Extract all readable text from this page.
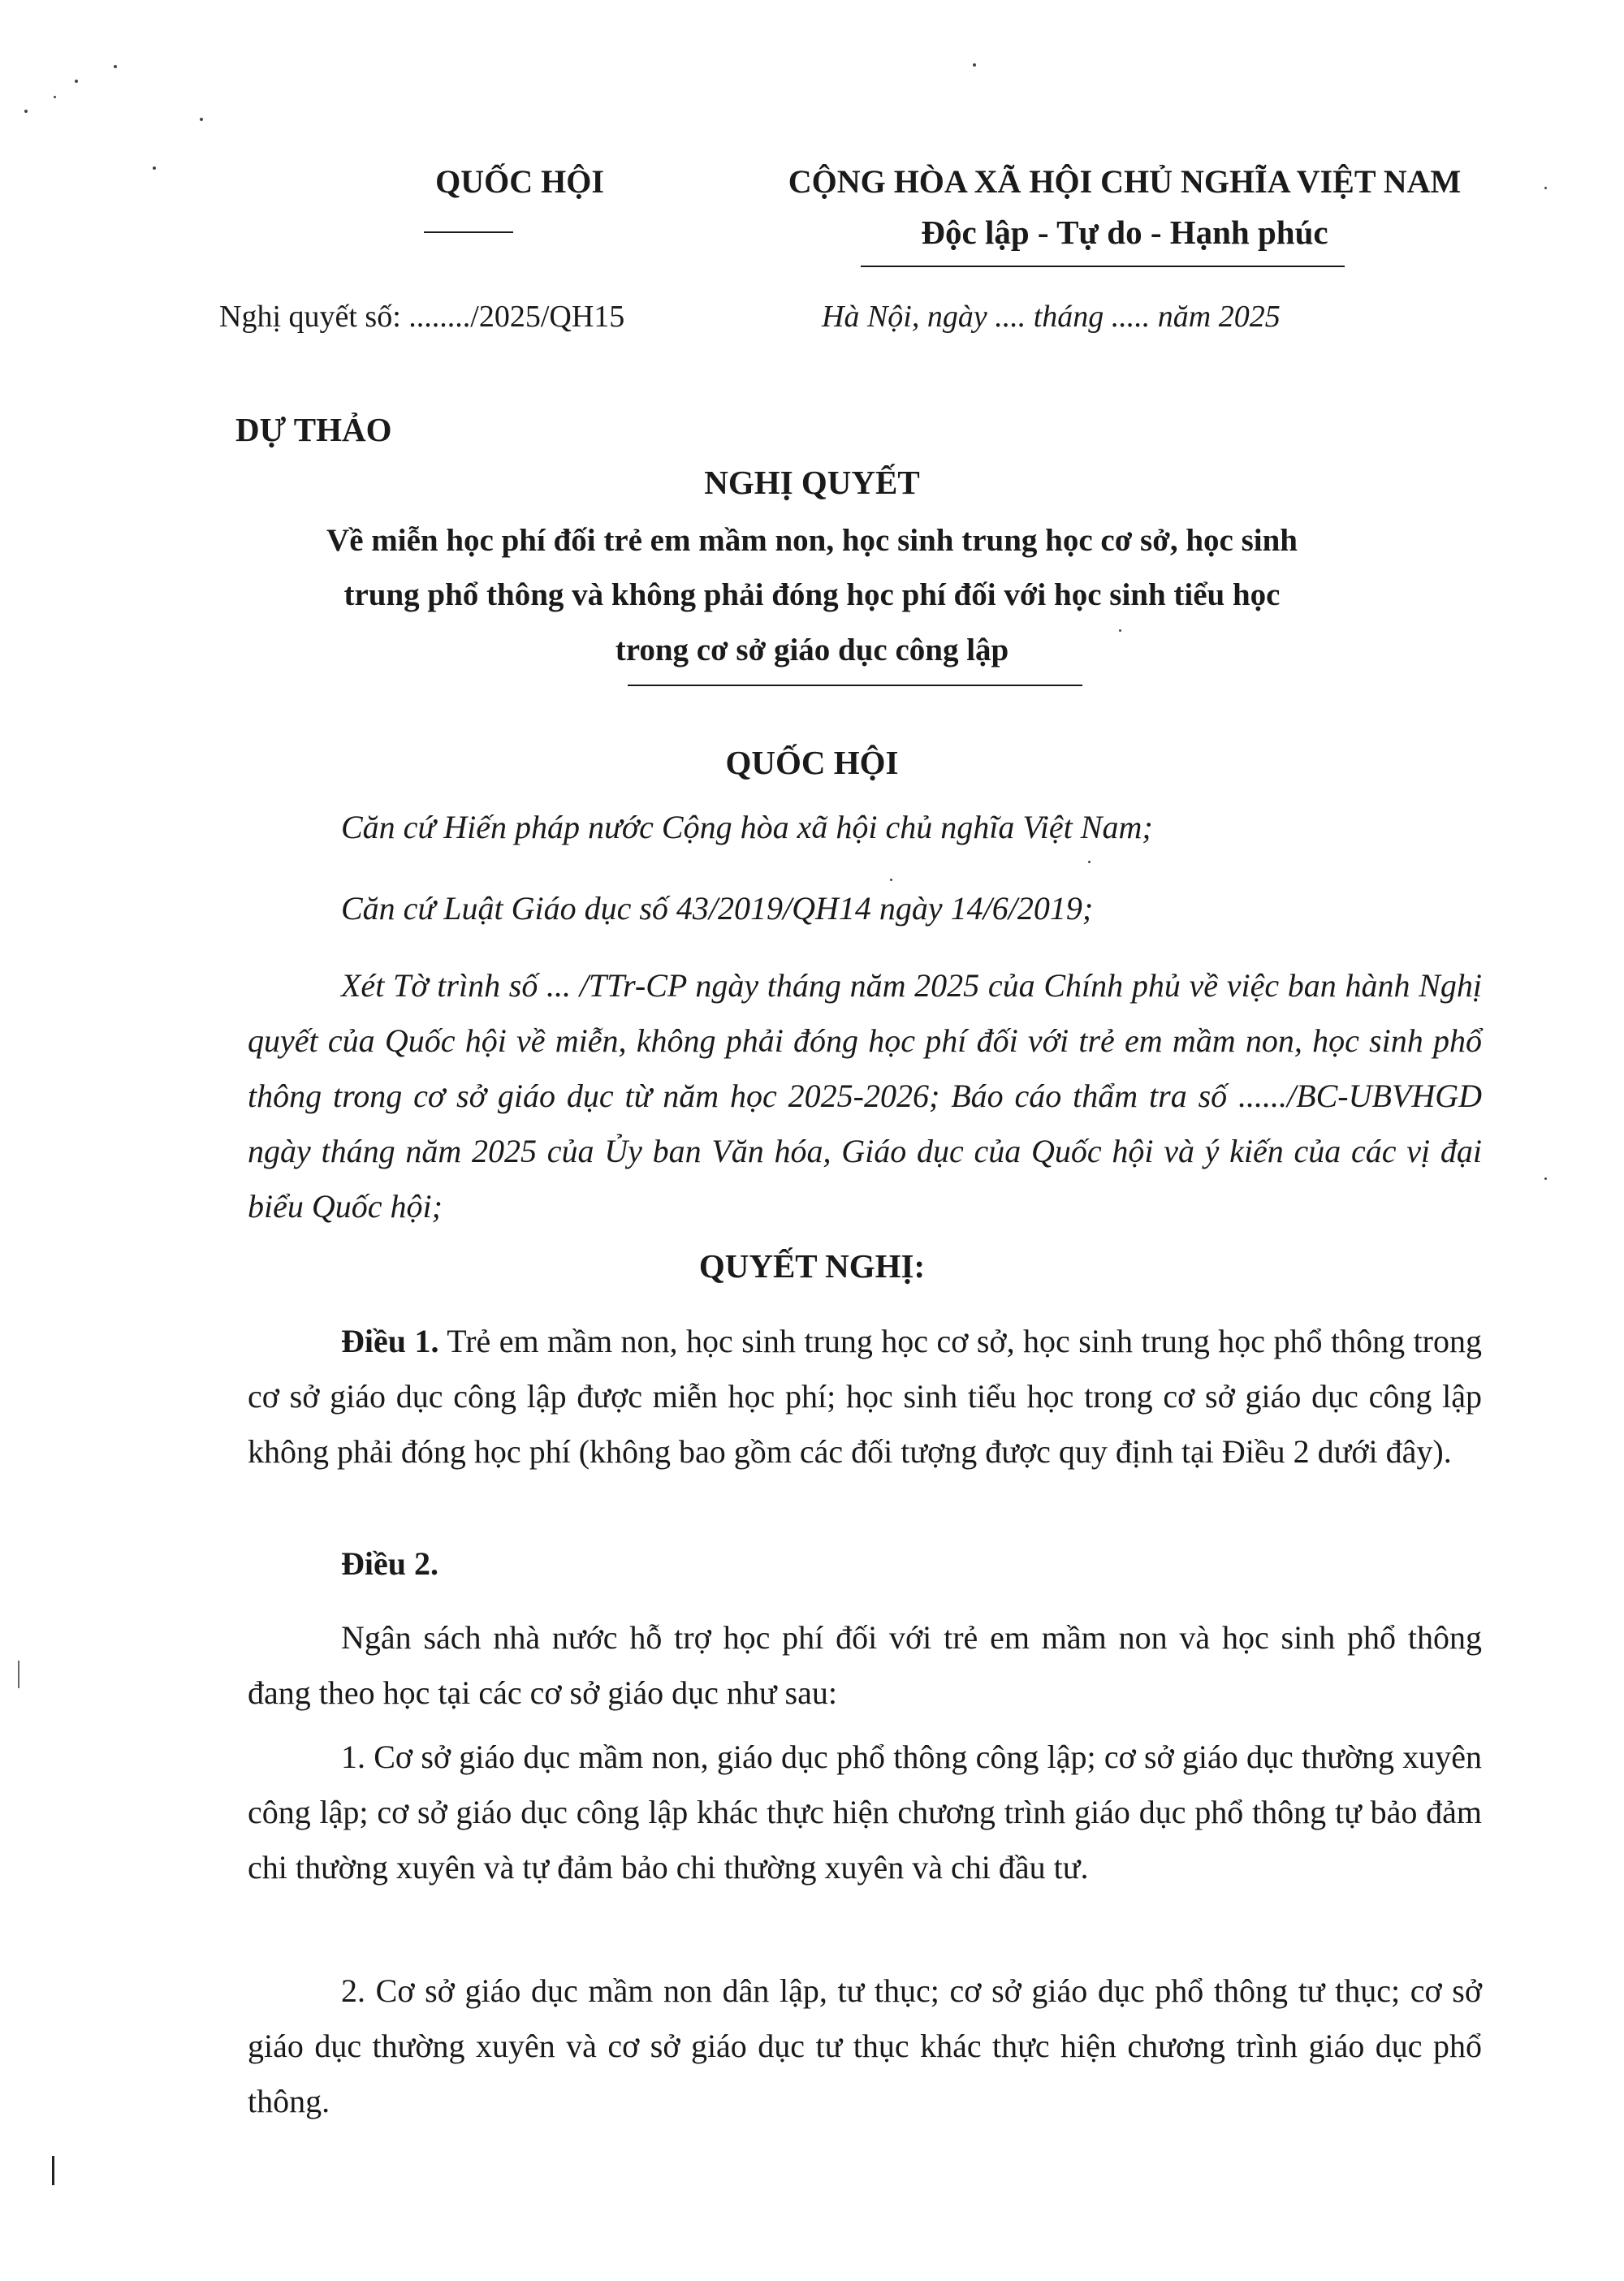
QUỐC HỘI	CỘNG HÒA XÃ HỘI CHỦ NGHĨA VIỆT NAM
Độc lập - Tự do - Hạnh phúc
Nghị quyết số: ......../2025/QH15	Hà Nội, ngày .... tháng ..... năm 2025
DỰ THẢO
NGHỊ QUYẾT
Về miễn học phí đối trẻ em mầm non, học sinh trung học cơ sở, học sinh
trung phổ thông và không phải đóng học phí đối với học sinh tiểu học
trong cơ sở giáo dục công lập
QUỐC HỘI
Căn cứ Hiến pháp nước Cộng hòa xã hội chủ nghĩa Việt Nam;
Căn cứ Luật Giáo dục số 43/2019/QH14 ngày 14/6/2019;

Xét Tờ trình số ... /TTr-CP ngày tháng năm 2025 của Chính phủ về việc ban hành Nghị quyết của Quốc hội về miễn, không phải đóng học phí đối với trẻ em mầm non, học sinh phổ thông trong cơ sở giáo dục từ năm học 2025-2026; Báo cáo thẩm tra số ....../BC-UBVHGD ngày tháng năm 2025 của Ủy ban Văn hóa, Giáo dục của Quốc hội và ý kiến của các vị đại biểu Quốc hội;

QUYẾT NGHỊ:

Điều 1. Trẻ em mầm non, học sinh trung học cơ sở, học sinh trung học phổ thông trong cơ sở giáo dục công lập được miễn học phí; học sinh tiểu học trong cơ sở giáo dục công lập không phải đóng học phí (không bao gồm các đối tượng được quy định tại Điều 2 dưới đây).

Điều 2.

Ngân sách nhà nước hỗ trợ học phí đối với trẻ em mầm non và học sinh phổ thông đang theo học tại các cơ sở giáo dục như sau:

1. Cơ sở giáo dục mầm non, giáo dục phổ thông công lập; cơ sở giáo dục thường xuyên công lập; cơ sở giáo dục công lập khác thực hiện chương trình giáo dục phổ thông tự bảo đảm chi thường xuyên và tự đảm bảo chi thường xuyên và chi đầu tư.

2. Cơ sở giáo dục mầm non dân lập, tư thục; cơ sở giáo dục phổ thông tư thục; cơ sở giáo dục thường xuyên và cơ sở giáo dục tư thục khác thực hiện chương trình giáo dục phổ thông.
